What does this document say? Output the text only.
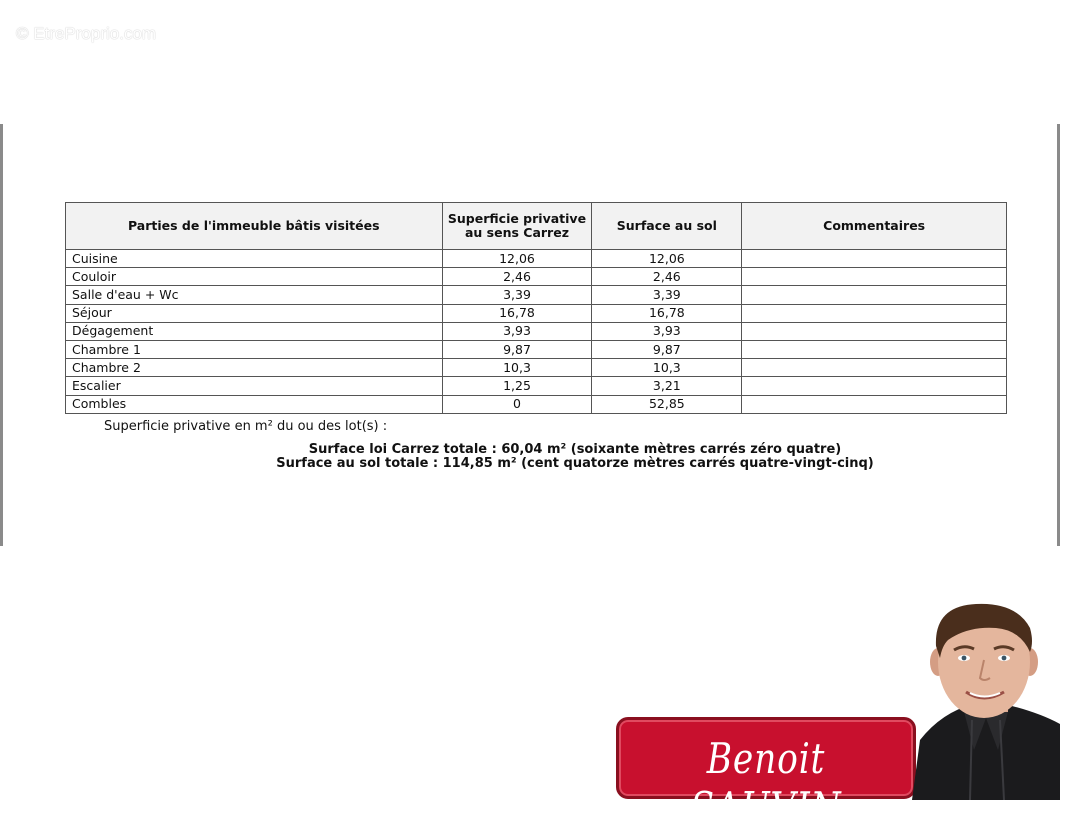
© EtreProprio.com
Parties de l'immeuble bâtis visitées	Superficie privative au sens Carrez	Surface au sol	Commentaires
Cuisine	12,06	12,06	
Couloir	2,46	2,46	
Salle d'eau + Wc	3,39	3,39	
Séjour	16,78	16,78	
Dégagement	3,93	3,93	
Chambre 1	9,87	9,87	
Chambre 2	10,3	10,3	
Escalier	1,25	3,21	
Combles	0	52,85	
Superficie privative en m² du ou des lot(s) :
Surface loi Carrez totale : 60,04 m² (soixante mètres carrés zéro quatre)
Surface au sol totale : 114,85 m² (cent quatorze mètres carrés quatre-vingt-cinq)
Benoit SAUVIN
